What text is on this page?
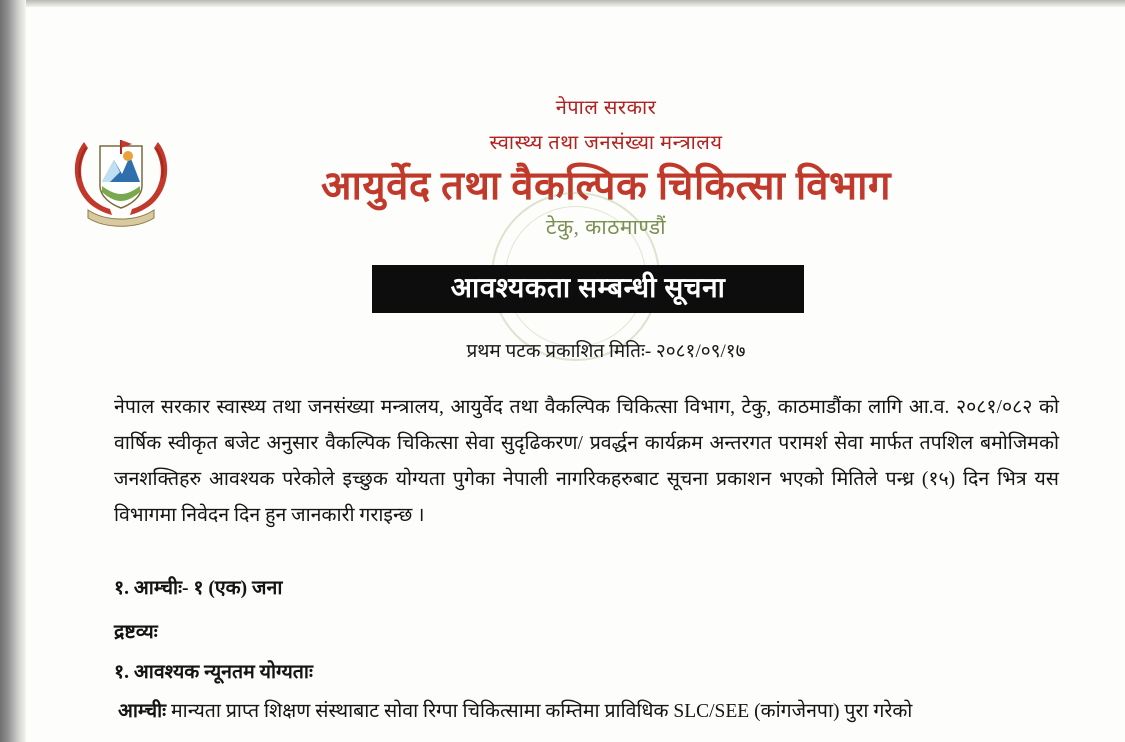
नेपाल सरकार
स्वास्थ्य तथा जनसंख्या मन्त्रालय
आयुर्वेद तथा वैकल्पिक चिकित्सा विभाग
टेकु, काठमाण्डौं
आवश्यकता सम्बन्धी सूचना
प्रथम पटक प्रकाशित मितिः- २०८१/०९/१७
नेपाल सरकार स्वास्थ्य तथा जनसंख्या मन्त्रालय, आयुर्वेद तथा वैकल्पिक चिकित्सा विभाग, टेकु, काठमाडौंका लागि आ.व. २०८१/०८२ को वार्षिक स्वीकृत बजेट अनुसार वैकल्पिक चिकित्सा सेवा सुदृढिकरण/ प्रवर्द्धन कार्यक्रम अन्तरगत परामर्श सेवा मार्फत तपशिल बमोजिमको जनशक्तिहरु आवश्यक परेकोले इच्छुक योग्यता पुगेका नेपाली नागरिकहरुबाट सूचना प्रकाशन भएको मितिले पन्ध्र (१५) दिन भित्र यस विभागमा निवेदन दिन हुन जानकारी गराइन्छ ।
१. आम्चीः- १ (एक) जना
द्रष्टव्यः
१. आवश्यक न्यूनतम योग्यताः
आम्चीः मान्यता प्राप्त शिक्षण संस्थाबाट सोवा रिग्पा चिकित्सामा कम्तिमा प्राविधिक SLC/SEE (कांगजेनपा) पुरा गरेको
